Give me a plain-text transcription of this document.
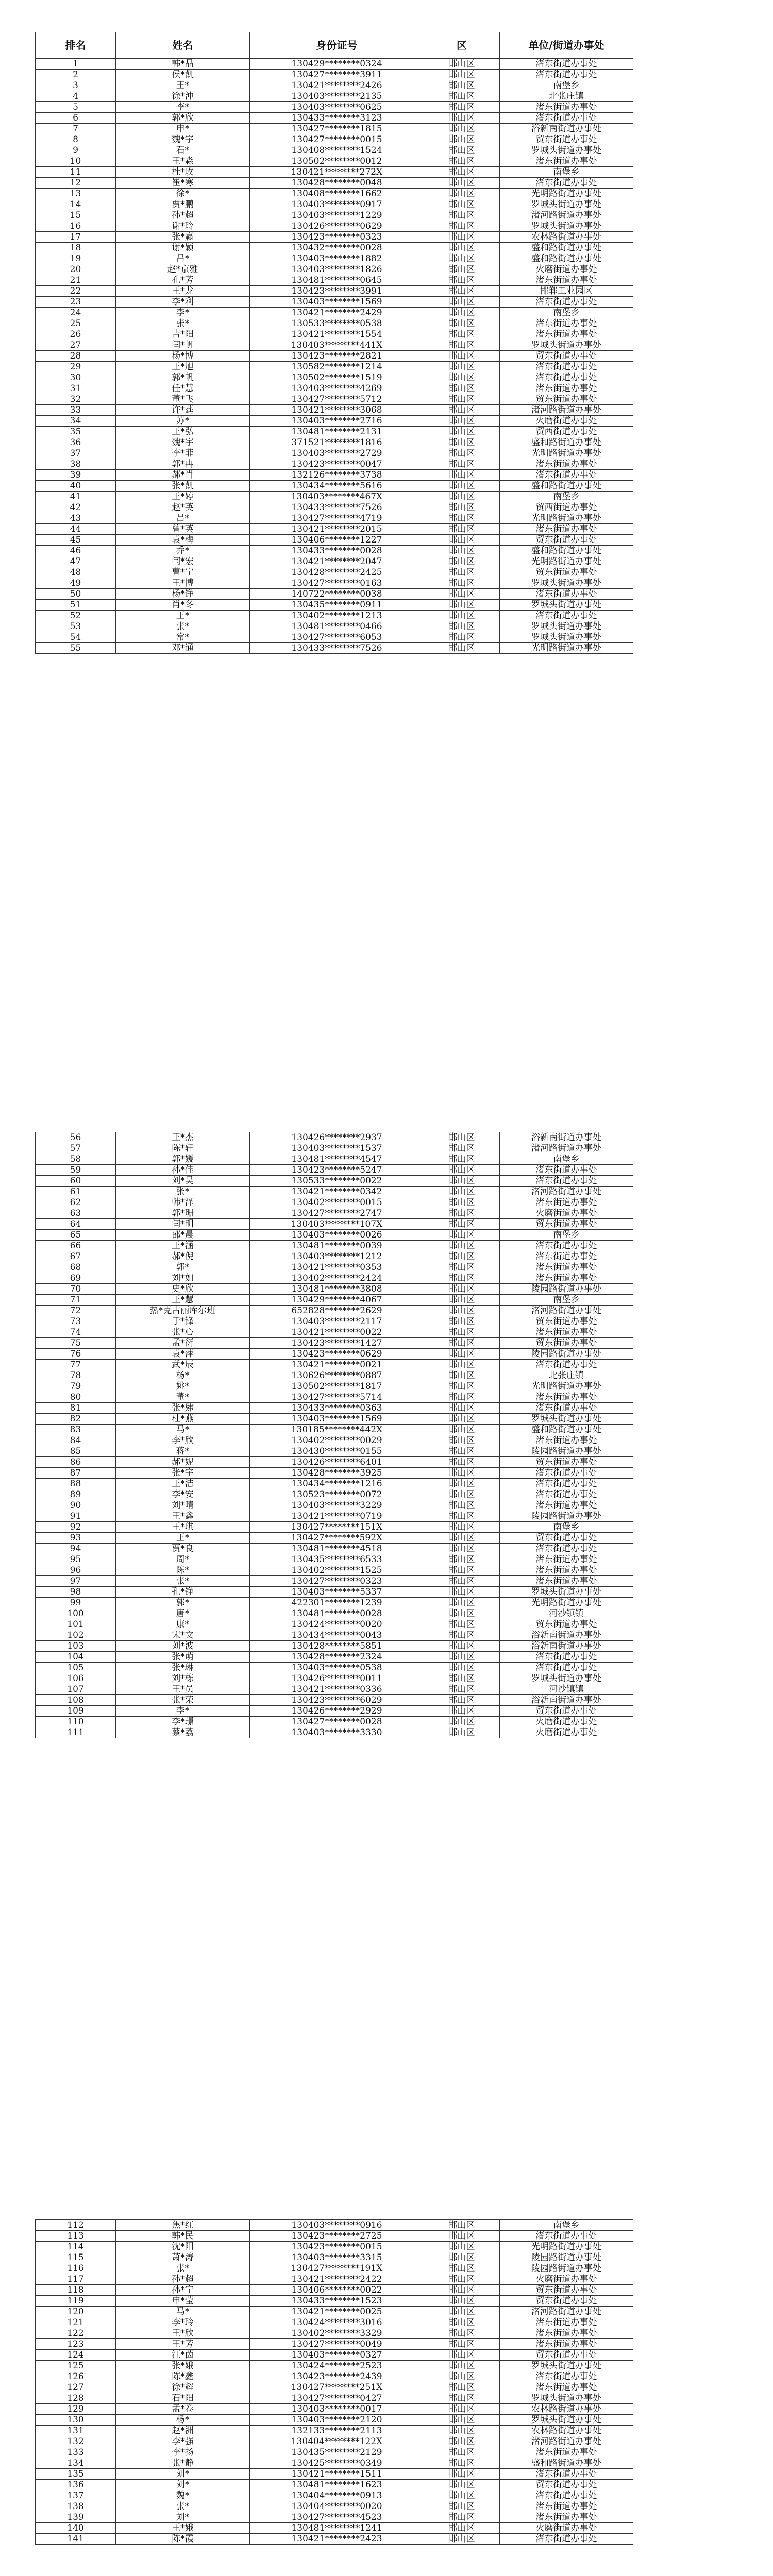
排名	姓名	身份证号	区	单位/街道办事处
1	韩*晶	130429********0324	邯山区	渚东街道办事处
2	侯*凯	130427********3911	邯山区	渚东街道办事处
3	王*	130421********2426	邯山区	南堡乡
4	徐*沖	130403********2135	邯山区	北张庄镇
5	李*	130403********0625	邯山区	渚东街道办事处
6	郭*欣	130433********3123	邯山区	渚东街道办事处
7	申*	130427********1815	邯山区	浴新南街道办事处
8	魏*宇	130427********0015	邯山区	贸东街道办事处
9	石*	130408********1524	邯山区	罗城头街道办事处
10	王*淼	130502********0012	邯山区	渚东街道办事处
11	杜*玫	130421********272X	邯山区	南堡乡
12	崔*寒	130428********0048	邯山区	渚东街道办事处
13	徐*	130408********1662	邯山区	光明路街道办事处
14	贾*鹏	130403********0917	邯山区	罗城头街道办事处
15	孙*超	130403********1229	邯山区	渚河路街道办事处
16	谢*玲	130426********0629	邯山区	罗城头街道办事处
17	张*赢	130423********0323	邯山区	农林路街道办事处
18	谢*颖	130432********0028	邯山区	盛和路街道办事处
19	吕*	130403********1882	邯山区	盛和路街道办事处
20	赵*京雅	130403********1826	邯山区	火磨街道办事处
21	孔*芳	130481********0645	邯山区	渚东街道办事处
22	王*龙	130423********3991	邯山区	邯郸工业园区
23	李*利	130403********1569	邯山区	渚东街道办事处
24	李*	130421********2429	邯山区	南堡乡
25	张*	130533********0538	邯山区	渚东街道办事处
26	吉*阳	130421********1554	邯山区	渚东街道办事处
27	闫*帆	130403********441X	邯山区	罗城头街道办事处
28	杨*博	130423********2821	邯山区	贸东街道办事处
29	王*旭	130582********1214	邯山区	渚东街道办事处
30	郭*帆	130502********1519	邯山区	渚东街道办事处
31	任*慧	130403********4269	邯山区	渚东街道办事处
32	董*飞	130427********5712	邯山区	贸东街道办事处
33	许*莛	130421********3068	邯山区	渚河路街道办事处
34	苏*	130403********2716	邯山区	火磨街道办事处
35	王*弘	130481********2131	邯山区	贸西街道办事处
36	魏*宇	371521********1816	邯山区	盛和路街道办事处
37	李*菲	130403********2729	邯山区	光明路街道办事处
38	郭*冉	130423********0047	邯山区	渚东街道办事处
39	郝*肖	132126********3738	邯山区	渚东街道办事处
40	张*凯	130434********5616	邯山区	盛和路街道办事处
41	王*婷	130403********467X	邯山区	南堡乡
42	赵*英	130433********7526	邯山区	贸西街道办事处
43	吕*	130427********4719	邯山区	光明路街道办事处
44	曾*英	130421********2015	邯山区	渚东街道办事处
45	袁*梅	130406********1227	邯山区	贸东街道办事处
46	乔*	130433********0028	邯山区	盛和路街道办事处
47	闫*宏	130421********2047	邯山区	光明路街道办事处
48	曹*宁	130428********2425	邯山区	贸东街道办事处
49	王*博	130427********0163	邯山区	罗城头街道办事处
50	杨*铮	140722********0038	邯山区	渚东街道办事处
51	肖*冬	130435********0911	邯山区	罗城头街道办事处
52	王*	130402********1213	邯山区	渚东街道办事处
53	张*	130481********0466	邯山区	罗城头街道办事处
54	常*	130427********6053	邯山区	罗城头街道办事处
55	邓*通	130433********7526	邯山区	光明路街道办事处
56	王*杰	130426********2937	邯山区	浴新南街道办事处
57	陈*轩	130403********1537	邯山区	渚河路街道办事处
58	郭*媛	130481********4547	邯山区	南堡乡
59	孙*佳	130423********5247	邯山区	渚东街道办事处
60	刘*昊	130533********0022	邯山区	渚东街道办事处
61	张*	130421********0342	邯山区	渚河路街道办事处
62	韩*泽	130402********0015	邯山区	渚东街道办事处
63	郭*珊	130427********2747	邯山区	火磨街道办事处
64	闫*明	130403********107X	邯山区	贸东街道办事处
65	邵*晨	130403********0026	邯山区	南堡乡
66	王*涵	130481********0039	邯山区	渚东街道办事处
67	郝*倪	130403********1212	邯山区	渚东街道办事处
68	郭*	130421********0353	邯山区	渚东街道办事处
69	刘*如	130402********2424	邯山区	渚东街道办事处
70	史*欣	130481********3808	邯山区	陵园路街道办事处
71	王*慧	130429********4067	邯山区	南堡乡
72	热*克古丽库尔班	652828********2629	邯山区	渚河路街道办事处
73	于*锋	130403********2117	邯山区	贸东街道办事处
74	张*心	130421********0022	邯山区	渚东街道办事处
75	孟*衍	130423********1427	邯山区	贸东街道办事处
76	袁*萍	130423********0629	邯山区	陵园路街道办事处
77	武*辰	130421********0021	邯山区	渚东街道办事处
78	杨*	130626********0887	邯山区	北张庄镇
79	姚*	130502********1817	邯山区	光明路街道办事处
80	董*	130427********5714	邯山区	渚东街道办事处
81	张*肄	130433********0363	邯山区	渚东街道办事处
82	杜*燕	130403********1569	邯山区	罗城头街道办事处
83	马*	130185********442X	邯山区	盛和路街道办事处
84	李*欣	130402********0029	邯山区	渚东街道办事处
85	蒋*	130430********0155	邯山区	陵园路街道办事处
86	郝*妮	130426********6401	邯山区	贸东街道办事处
87	张*宇	130428********3925	邯山区	渚东街道办事处
88	王*洁	130434********1216	邯山区	渚东街道办事处
89	李*安	130523********0072	邯山区	渚东街道办事处
90	刘*晴	130403********3229	邯山区	渚东街道办事处
91	王*鑫	130421********0719	邯山区	陵园路街道办事处
92	王*琪	130427********151X	邯山区	南堡乡
93	王*	130427********592X	邯山区	贸东街道办事处
94	贾*良	130481********4518	邯山区	渚东街道办事处
95	周*	130435********6533	邯山区	渚东街道办事处
96	陈*	130402********1525	邯山区	渚东街道办事处
97	张*	130427********0323	邯山区	渚东街道办事处
98	孔*铮	130403********5337	邯山区	罗城头街道办事处
99	郭*	422301********1239	邯山区	光明路街道办事处
100	唐*	130481********0028	邯山区	河沙镇镇
101	康*	130424********0020	邯山区	贸东街道办事处
102	宋*文	130434********0043	邯山区	浴新南街道办事处
103	刘*波	130428********5851	邯山区	浴新南街道办事处
104	张*萌	130428********2324	邯山区	渚东街道办事处
105	张*琳	130403********0538	邯山区	渚东街道办事处
106	刘*栋	130426********0011	邯山区	罗城头街道办事处
107	王*员	130421********0336	邯山区	河沙镇镇
108	张*荣	130423********6029	邯山区	浴新南街道办事处
109	李*	130426********2929	邯山区	贸东街道办事处
110	李*璟	130427********0028	邯山区	火磨街道办事处
111	蔡*荔	130403********3330	邯山区	火磨街道办事处
112	焦*红	130403********0916	邯山区	南堡乡
113	韩*民	130423********2725	邯山区	渚东街道办事处
114	沈*阳	130423********0015	邯山区	光明路街道办事处
115	萧*涛	130403********3315	邯山区	陵园路街道办事处
116	张*	130427********191X	邯山区	陵园路街道办事处
117	孙*超	130421********2422	邯山区	火磨街道办事处
118	孙*宁	130406********0022	邯山区	贸东街道办事处
119	申*莹	130433********1523	邯山区	贸东街道办事处
120	马*	130421********0025	邯山区	渚河路街道办事处
121	李*玲	130424********3016	邯山区	渚东街道办事处
122	王*欣	130402********3329	邯山区	渚东街道办事处
123	王*芳	130427********0049	邯山区	渚东街道办事处
124	汪*茵	130403********0327	邯山区	贸东街道办事处
125	张*娥	130424********2523	邯山区	罗城头街道办事处
126	陈*鑫	130423********2439	邯山区	渚东街道办事处
127	徐*辉	130427********251X	邯山区	渚东街道办事处
128	石*阳	130427********0427	邯山区	罗城头街道办事处
129	孟*卷	130403********0017	邯山区	农林路街道办事处
130	杨*	130403********2120	邯山区	罗城头街道办事处
131	赵*洲	132133********2113	邯山区	农林路街道办事处
132	李*强	130404********122X	邯山区	渚河路街道办事处
133	李*扬	130435********2129	邯山区	渚东街道办事处
134	张*静	130425********0349	邯山区	盛和路街道办事处
135	刘*	130421********1511	邯山区	渚东街道办事处
136	刘*	130481********1623	邯山区	贸东街道办事处
137	魏*	130404********0913	邯山区	渚东街道办事处
138	张*	130404********0020	邯山区	渚东街道办事处
139	刘*	130427********4523	邯山区	渚东街道办事处
140	王*娥	130481********1241	邯山区	火磨街道办事处
141	陈*霞	130421********2423	邯山区	渚东街道办事处
